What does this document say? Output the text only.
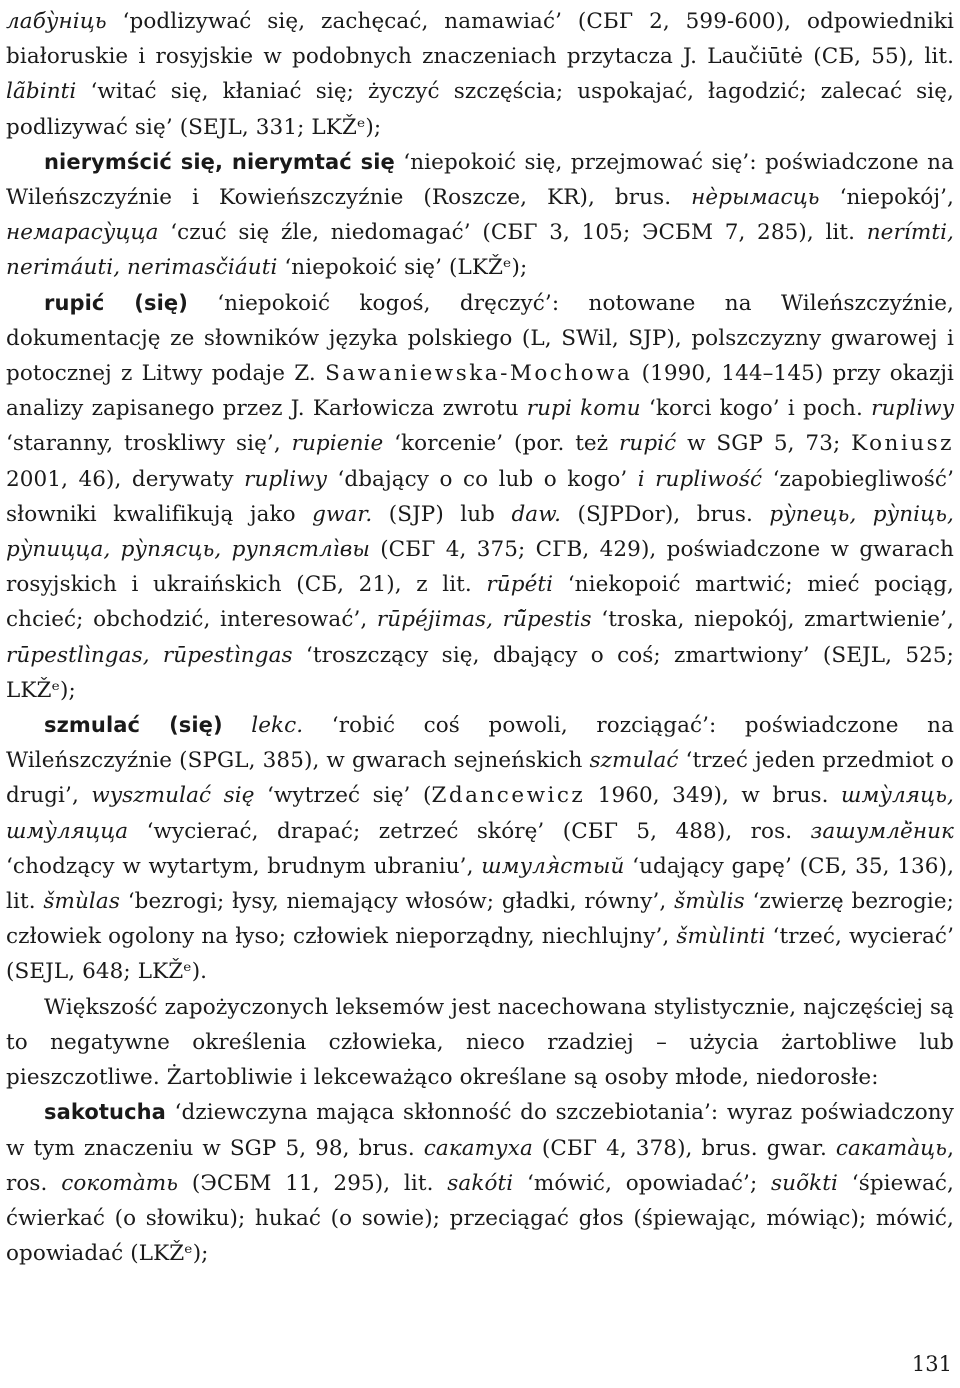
лабу̀ніць ‘podlizywać się, zachęcać, namawiać’ (СБГ 2, 599-600), odpowiedniki białoruskie i rosyjskie w podobnych znaczeniach przytacza J. Laučiūtė (СБ, 55), lit. lãbinti ‘witać się, kłaniać się; życzyć szczęścia; uspokajać, łagodzić; zalecać się, podlizywać się’ (SEJL, 331; LKŽᵉ);

nierymścić się, nierymtać się ‘niepokoić się, przejmować się’: poświadczone na Wileńszczyźnie i Kowieńszczyźnie (Roszcze, KR), brus. нѐрымасць ‘niepokój’, немарасу̀цца ‘czuć się źle, niedomagać’ (СБГ 3, 105; ЭСБМ 7, 285), lit. nerímti, nerimáuti, nerimasčiáuti ‘niepokoić się’ (LKŽᵉ);

rupić (się) ‘niepokoić kogoś, dręczyć’: notowane na Wileńszczyźnie, dokumentację ze słowników języka polskiego (L, SWil, SJP), polszczyzny gwarowej i potocznej z Litwy podaje Z. Sawaniewska-Mochowa (1990, 144–145) przy okazji analizy zapisanego przez J. Karłowicza zwrotu rupi komu ‘korci kogo’ i poch. rupliwy ‘staranny, troskliwy się’, rupienie ‘korcenie’ (por. też rupić w SGP 5, 73; Koniusz 2001, 46), derywaty rupliwy ‘dbający o co lub o kogo’ i rupliwość ‘zapobiegliwość’ słowniki kwalifikują jako gwar. (SJP) lub daw. (SJPDor), brus. ру̀пець, ру̀піць, ру̀пицца, ру̀пясць, рупястлі̀вы (СБГ 4, 375; СГВ, 429), poświadczone w gwarach rosyjskich i ukraińskich (СБ, 21), z lit. rūpė́ti ‘niekopoić martwić; mieć pociąg, chcieć; obchodzić, interesować’, rūpė́jimas, rū̃pestis ‘troska, niepokój, zmartwienie’, rūpestlìngas, rūpestìngas ‘troszczący się, dbający o coś; zmartwiony’ (SEJL, 525; LKŽᵉ);

szmulać (się) lekc. ‘robić coś powoli, rozciągać’: poświadczone na Wileńszczyźnie (SPGL, 385), w gwarach sejneńskich szmulać ‘trzeć jeden przedmiot o drugi’, wyszmulać się ‘wytrzeć się’ (Zdancewicz 1960, 349), w brus. шму̀ляць, шму̀ляцца ‘wycierać, drapać; zetrzeć skórę’ (СБГ 5, 488), ros. зашумлё̀ник ‘chodzący w wytartym, brudnym ubraniu’, шмуля̀стый ‘udający gapę’ (СБ, 35, 136), lit. šmùlas ‘bezrogi; łysy, niemający włosów; gładki, równy’, šmùlis ‘zwierzę bezrogie; człowiek ogolony na łyso; człowiek nieporządny, niechlujny’, šmùlinti ‘trzeć, wycierać’ (SEJL, 648; LKŽᵉ).

Większość zapożyczonych leksemów jest nacechowana stylistycznie, najczęściej są to negatywne określenia człowieka, nieco rzadziej – użycia żartobliwe lub pieszczotliwe. Żartobliwie i lekceważąco określane są osoby młode, niedorosłe:

sakotucha ‘dziewczyna mająca skłonność do szczebiotania’: wyraz poświadczony w tym znaczeniu w SGP 5, 98, brus. сакатуха (СБГ 4, 378), brus. gwar. сакатàць, ros. сокотàть (ЭСБМ 11, 295), lit. sakóti ‘mówić, opowiadać’; suõkti ‘śpiewać, ćwierkać (o słowiku); hukać (o sowie); przeciągać głos (śpiewając, mówiąc); mówić, opowiadać (LKŽᵉ);

131
